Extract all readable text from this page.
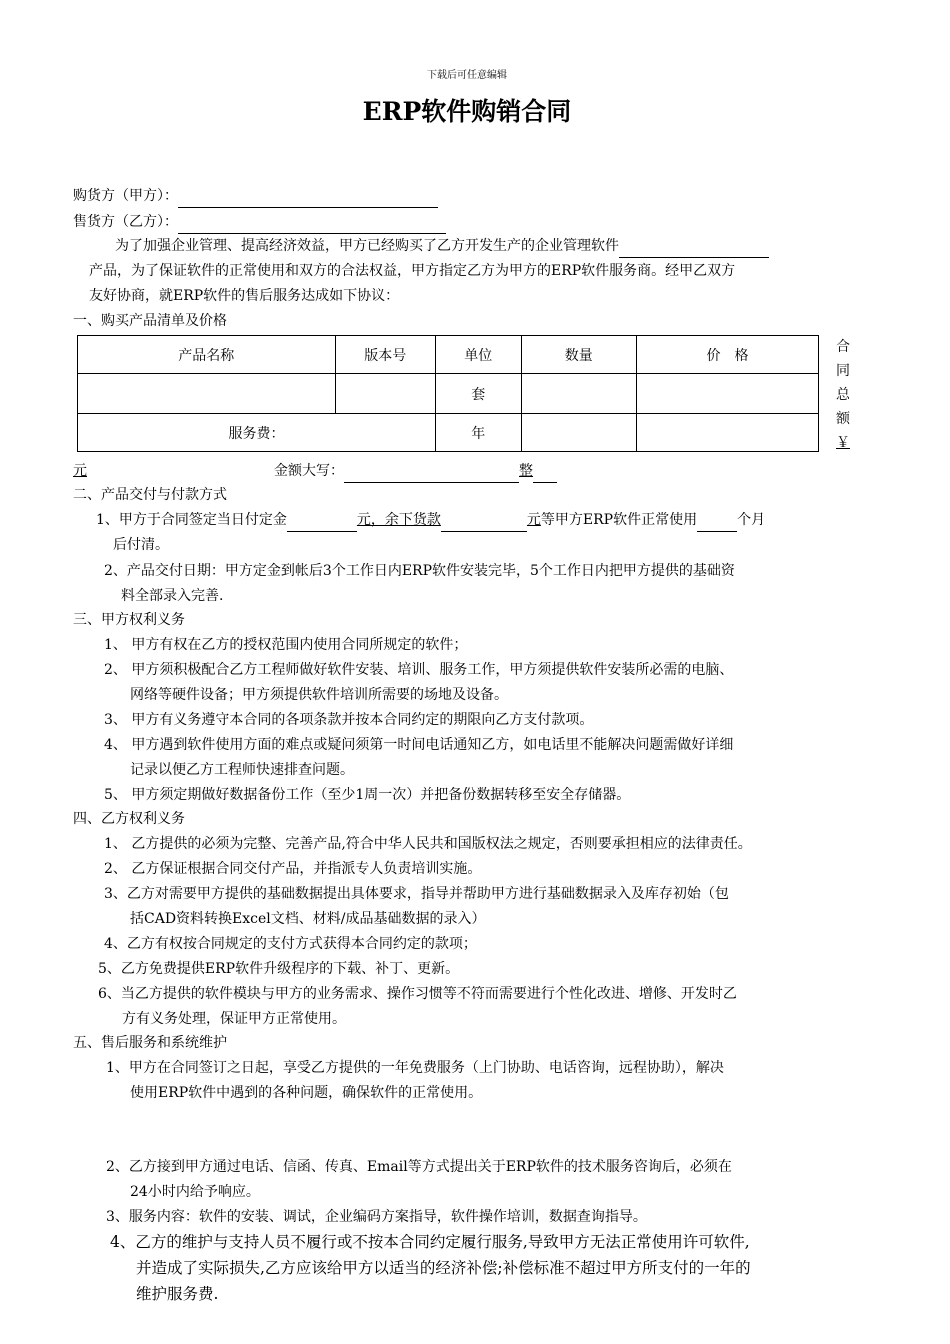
下载后可任意编辑
ERP软件购销合同
购货方（甲方）：
售货方（乙方）：
为了加强企业管理、提高经济效益，甲方已经购买了乙方开发生产的企业管理软件
产品，为了保证软件的正常使用和双方的合法权益，甲方指定乙方为甲方的ERP软件服务商。经甲乙双方
友好协商，就ERP软件的售后服务达成如下协议：
一、购买产品清单及价格
产品名称	版本号	单位	数量	价　格
		套		
服务费：		年		
合
同
总
额
￥
元	金额大写：	整
二、产品交付与付款方式
1、甲方于合同签定当日付定金	元，余下货款	元等甲方ERP软件正常使用	个月
后付清。
2、产品交付日期：甲方定金到帐后3个工作日内ERP软件安装完毕，5个工作日内把甲方提供的基础资
料全部录入完善.
三、甲方权利义务
1、 甲方有权在乙方的授权范围内使用合同所规定的软件；
2、 甲方须积极配合乙方工程师做好软件安装、培训、服务工作，甲方须提供软件安装所必需的电脑、
网络等硬件设备；甲方须提供软件培训所需要的场地及设备。
3、 甲方有义务遵守本合同的各项条款并按本合同约定的期限向乙方支付款项。
4、 甲方遇到软件使用方面的难点或疑问须第一时间电话通知乙方，如电话里不能解决问题需做好详细
记录以便乙方工程师快速排查问题。
5、 甲方须定期做好数据备份工作（至少1周一次）并把备份数据转移至安全存储器。
四、乙方权利义务
1、 乙方提供的必须为完整、完善产品,符合中华人民共和国版权法之规定，否则要承担相应的法律责任。
2、 乙方保证根据合同交付产品，并指派专人负责培训实施。
3、乙方对需要甲方提供的基础数据提出具体要求，指导并帮助甲方进行基础数据录入及库存初始（包
括CAD资料转换Excel文档、材料/成品基础数据的录入）
4、乙方有权按合同规定的支付方式获得本合同约定的款项；
5、乙方免费提供ERP软件升级程序的下载、补丁、更新。
6、当乙方提供的软件模块与甲方的业务需求、操作习惯等不符而需要进行个性化改进、增修、开发时乙
方有义务处理，保证甲方正常使用。
五、售后服务和系统维护
1、甲方在合同签订之日起，享受乙方提供的一年免费服务（上门协助、电话咨询，远程协助），解决
使用ERP软件中遇到的各种问题，确保软件的正常使用。
2、乙方接到甲方通过电话、信函、传真、Email等方式提出关于ERP软件的技术服务咨询后，必须在
24小时内给予响应。
3、服务内容：软件的安装、调试，企业编码方案指导，软件操作培训，数据查询指导。
4、乙方的维护与支持人员不履行或不按本合同约定履行服务,导致甲方无法正常使用许可软件,
并造成了实际损失,乙方应该给甲方以适当的经济补偿;补偿标准不超过甲方所支付的一年的
维护服务费.
